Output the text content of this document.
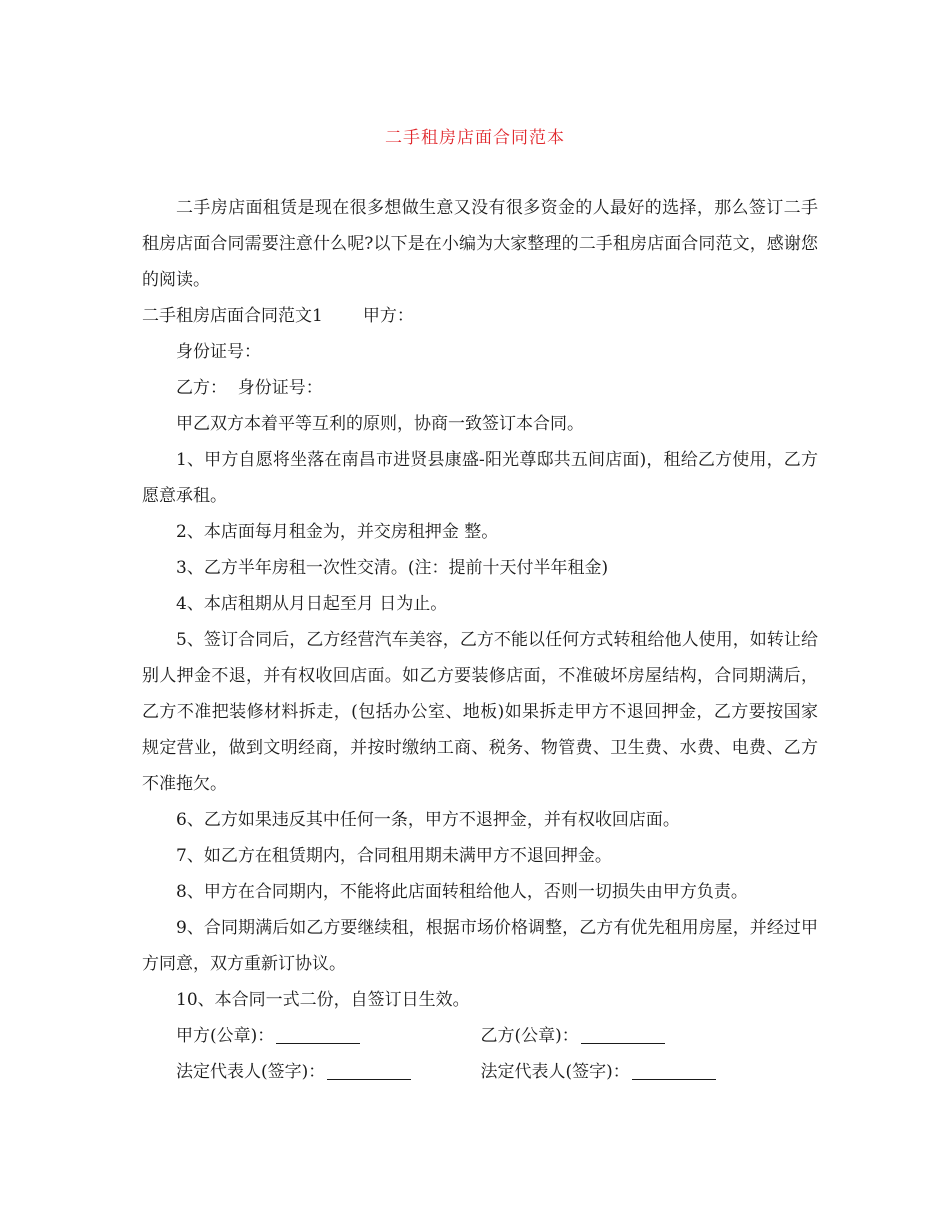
二手租房店面合同范本

二手房店面租赁是现在很多想做生意又没有很多资金的人最好的选择，那么签订二手租房店面合同需要注意什么呢?以下是在小编为大家整理的二手租房店面合同范文，感谢您的阅读。

二手租房店面合同范文1 甲方：

身份证号：

乙方：  身份证号：

甲乙双方本着平等互利的原则，协商一致签订本合同。

1、甲方自愿将坐落在南昌市进贤县康盛-阳光尊邸共五间店面)，租给乙方使用，乙方愿意承租。

2、本店面每月租金为，并交房租押金 整。

3、乙方半年房租一次性交清。(注：提前十天付半年租金)

4、本店租期从月日起至月 日为止。

5、签订合同后，乙方经营汽车美容，乙方不能以任何方式转租给他人使用，如转让给别人押金不退，并有权收回店面。如乙方要装修店面，不准破坏房屋结构，合同期满后，乙方不准把装修材料拆走，(包括办公室、地板)如果拆走甲方不退回押金，乙方要按国家规定营业，做到文明经商，并按时缴纳工商、税务、物管费、卫生费、水费、电费、乙方不准拖欠。

6、乙方如果违反其中任何一条，甲方不退押金，并有权收回店面。

7、如乙方在租赁期内，合同租用期未满甲方不退回押金。

8、甲方在合同期内，不能将此店面转租给他人，否则一切损失由甲方负责。

9、合同期满后如乙方要继续租，根据市场价格调整，乙方有优先租用房屋，并经过甲方同意，双方重新订协议。

10、本合同一式二份，自签订日生效。

甲方(公章)：	乙方(公章)：
法定代表人(签字)：	法定代表人(签字)：
